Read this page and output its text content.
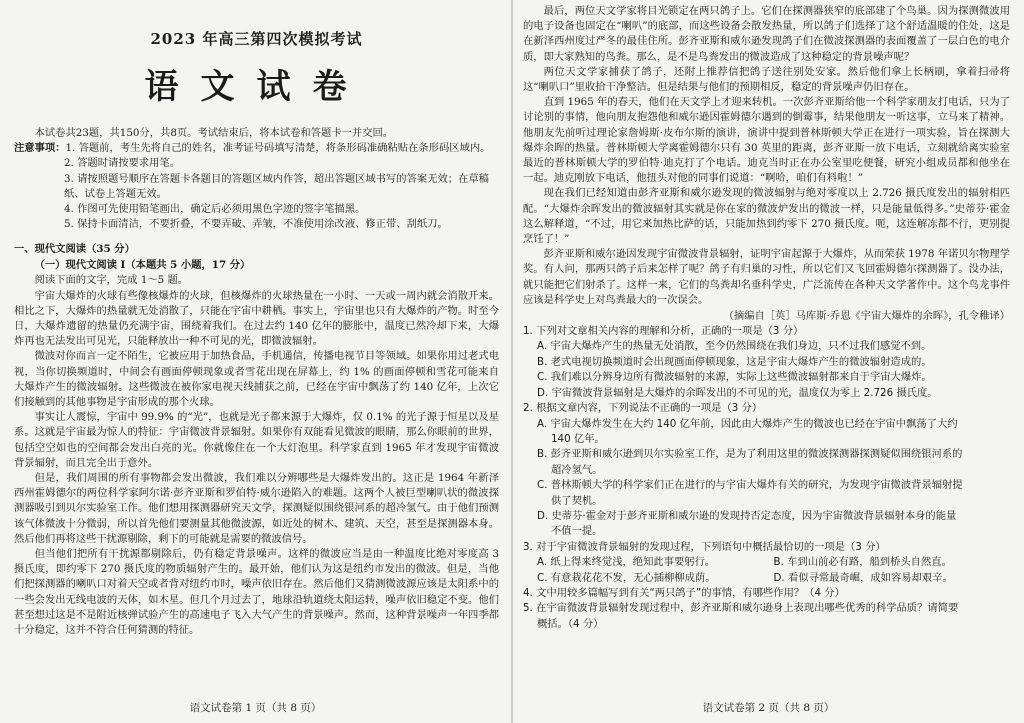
2023 年高三第四次模拟考试
语文试卷

本试卷共23题，共150分，共8页。考试结束后，将本试卷和答题卡一并交回。

注意事项：1. 答题前，考生先将自己的姓名，准考证号码填写清楚，将条形码准确粘贴在条形码区域内。

2. 答题时请按要求用笔。

3. 请按照题号顺序在答题卡各题目的答题区域内作答，超出答题区域书写的答案无效；在草稿纸、试卷上答题无效。

4. 作图可先使用铅笔画出，确定后必须用黑色字迹的签字笔描黑。

5. 保持卡面清洁，不要折叠，不要弄破、弄皱，不准使用涂改液、修正带、刮纸刀。

一、现代文阅读（35 分）

（一）现代文阅读 Ⅰ（本题共 5 小题，17 分）

阅读下面的文字，完成 1～5 题。

宇宙大爆炸的火球有些像核爆炸的火球，但核爆炸的火球热量在一小时、一天或一周内就会消散开来。相比之下，大爆炸的热量就无处消散了，只能在宇宙中耕栖。事实上，宇宙里也只有大爆炸的产物。时至今日，大爆炸遗留的热量仍充满宇宙，围绕着我们。在过去约 140 亿年的膨胀中，温度已然冷却下来，大爆炸再也无法发出可见光，只能释放出一种不可见的光，即微波辐射。

微波对你而言一定不陌生，它被应用于加热食品，手机通信，传播电视节目等领域。如果你用过老式电视，当你切换频道时，中间会有画面停顿现象或者雪花出现在屏幕上，约 1% 的画面停顿和雪花可能来自大爆炸产生的微波辐射。这些微波在被你家电视天线捕获之前，已经在宇宙中飘荡了约 140 亿年，上次它们接触到的其他事物是宇宙形成的那个火球。

事实让人震惊，宇宙中 99.9% 的“光”，也就是光子都来源于大爆炸，仅 0.1% 的光子源于恒星以及星系。这就是宇宙最为惊人的特征：宇宙微波背景辐射。如果你有双能看见微波的眼睛，那么你眼前的世界，包括空空如也的空间都会发出白亮的光。你就像住在一个大灯泡里。科学家直到 1965 年才发现宇宙微波背景辐射，而且完全出于意外。

但是，我们周围的所有事物都会发出微波，我们难以分辨哪些是大爆炸发出的。这正是 1964 年新泽西州霍姆德尔的两位科学家阿尔诺·彭齐亚斯和罗伯特·威尔逊陷入的难题。这两个人被巨型喇叭状的微波探测器吸引到贝尔实验室工作。他们想用探测器研究天文学，探测疑似围绕银河系的超冷氢气。由于他们预测该气体微波十分微弱，所以首先他们要测量其他微波源，如近处的树木、建筑、天空，甚至是探测器本身。然后他们再将这些干扰源剔除，剩下的可能就是需要的微波信号。

但当他们把所有干扰源都剔除后，仍有稳定背景噪声。这样的微波应当是由一种温度比绝对零度高 3 摄氏度，即约零下 270 摄氏度的物质辐射产生的。最开始，他们认为这是纽约市发出的微波。但是，当他们把探测器的喇叭口对着天空或者背对纽约市时，噪声依旧存在。然后他们又猜测微波源应该是太阳系中的一些会发出无线电波的天体，如木星。但几个月过去了，地球沿轨道绕太阳运转，噪声依旧稳定不变。他们甚至想过这是不是附近核弹试验产生的高速电子飞入大气产生的背景噪声。然而，这种背景噪声一年四季都十分稳定，这并不符合任何猜测的特征。

语文试卷第 1 页（共 8 页）

最后，两位天文学家将目光锁定在两只鸽子上。它们在探测器狭窄的底部建了个鸟巢。因为探测微波用的电子设备也固定在“喇叭”的底部，而这些设备会散发热量，所以鸽子们选择了这个舒适温暖的住处，这是在新泽西州度过严冬的最佳住所。彭齐亚斯和威尔逊发现鸽子们在微波探测器的表面覆盖了一层白色的电介质，即大家熟知的鸟粪。那么，是不是鸟粪发出的微波造成了这种稳定的背景噪声呢？

两位天文学家捕获了鸽子，还附上推荐信把鸽子送往别处安家。然后他们拿上长柄刷，拿着扫帚将这“喇叭口”里收拾干净整洁。但是结果与他们的预期相反，稳定的背景噪声仍旧存在。

直到 1965 年的春天，他们在天文学上才迎来转机。一次彭齐亚斯给他一个科学家朋友打电话，只为了讨论别的事情，他向朋友抱怨他和威尔逊因霍姆德尔遇到的倒霉事，结果他朋友一听这事，立马来了精神。他朋友先前听过理论家詹姆斯·皮布尔斯的演讲，演讲中提到普林斯顿大学正在进行一项实验，旨在探测大爆炸余晖的热量。普林斯顿大学离霍姆德尔只有 30 英里的距离，彭齐亚斯一放下电话，立刻就给离实验室最近的普林斯顿大学的罗伯特·迪克打了个电话。迪克当时正在办公室里吃便餐，研究小组成员都和他坐在一起。迪克刚放下电话，他扭头对他的同事们说道：“啊哈，咱们有料啦！”

现在我们已经知道由彭齐亚斯和威尔逊发现的微波辐射与绝对零度以上 2.726 摄氏度发出的辐射相匹配。“大爆炸余晖发出的微波辐射其实就是你在家的微波炉发出的微波一样，只是能量低得多。”史蒂芬·霍金这么解释道，“不过，用它来加热比萨的话，只能加热到约零下 270 摄氏度。呃，这连解冻都不行，更别提烹饪了！”

彭齐亚斯和威尔逊因发现宇宙微波背景辐射，证明宇宙起源于大爆炸，从而荣获 1978 年诺贝尔物理学奖。有人问，那两只鸽子后来怎样了呢？鸽子有归巢的习性，所以它们又飞回霍姆德尔探测器了。没办法，就只能把它们射杀了。这样一来，它们的鸟粪却名垂科学史，广泛流传在各种天文学著作中。这个鸟龙事件应该是科学史上对鸟粪最大的一次误会。

（摘编自［英］马库斯·乔恩《宇宙大爆炸的余晖》，孔令稚译）

1. 下列对文章相关内容的理解和分析，正确的一项是（3 分）

A. 宇宙大爆炸产生的热量无处消散，至今仍然围绕在我们身边，只不过我们感觉不到。

B. 老式电视切换频道时会出现画面停顿现象，这是宇宙大爆炸产生的微波辐射造成的。

C. 我们难以分辨身边所有微波辐射的来源，实际上这些微波辐射都来自于宇宙大爆炸。

D. 宇宙微波背景辐射是大爆炸的余晖发出的不可见的光，温度仅为零上 2.726 摄氏度。

2. 根据文章内容，下列说法不正确的一项是（3 分）

A. 宇宙大爆炸发生在大约 140 亿年前，因此由大爆炸产生的微波也已经在宇宙中飘荡了大约

140 亿年。

B. 彭齐亚斯和威尔逊到贝尔实验室工作，是为了利用这里的微波探测器探测疑似围绕银河系的

超冷氢气。

C. 普林斯顿大学的科学家们正在进行的与宇宙大爆炸有关的研究，为发现宇宙微波背景辐射提

供了契机。

D. 史蒂芬·霍金对于彭齐亚斯和威尔逊的发现持否定态度，因为宇宙微波背景辐射本身的能量

不值一提。

3. 对于宇宙微波背景辐射的发现过程，下列语句中概括最恰切的一项是（3 分）

A. 纸上得来终觉浅，绝知此事要躬行。	B. 车到山前必有路，船到桥头自然直。
C. 有意栽花花不发，无心插柳柳成荫。	D. 看似寻常最奇崛，成如容易却艰辛。

4. 文中用较多篇幅写到有关“两只鸽子”的事情，有哪些作用？（4 分）

5. 在宇宙微波背景辐射发现过程中，彭齐亚斯和威尔逊身上表现出哪些优秀的科学品质？请简要

概括。（4 分）

语文试卷第 2 页（共 8 页）
